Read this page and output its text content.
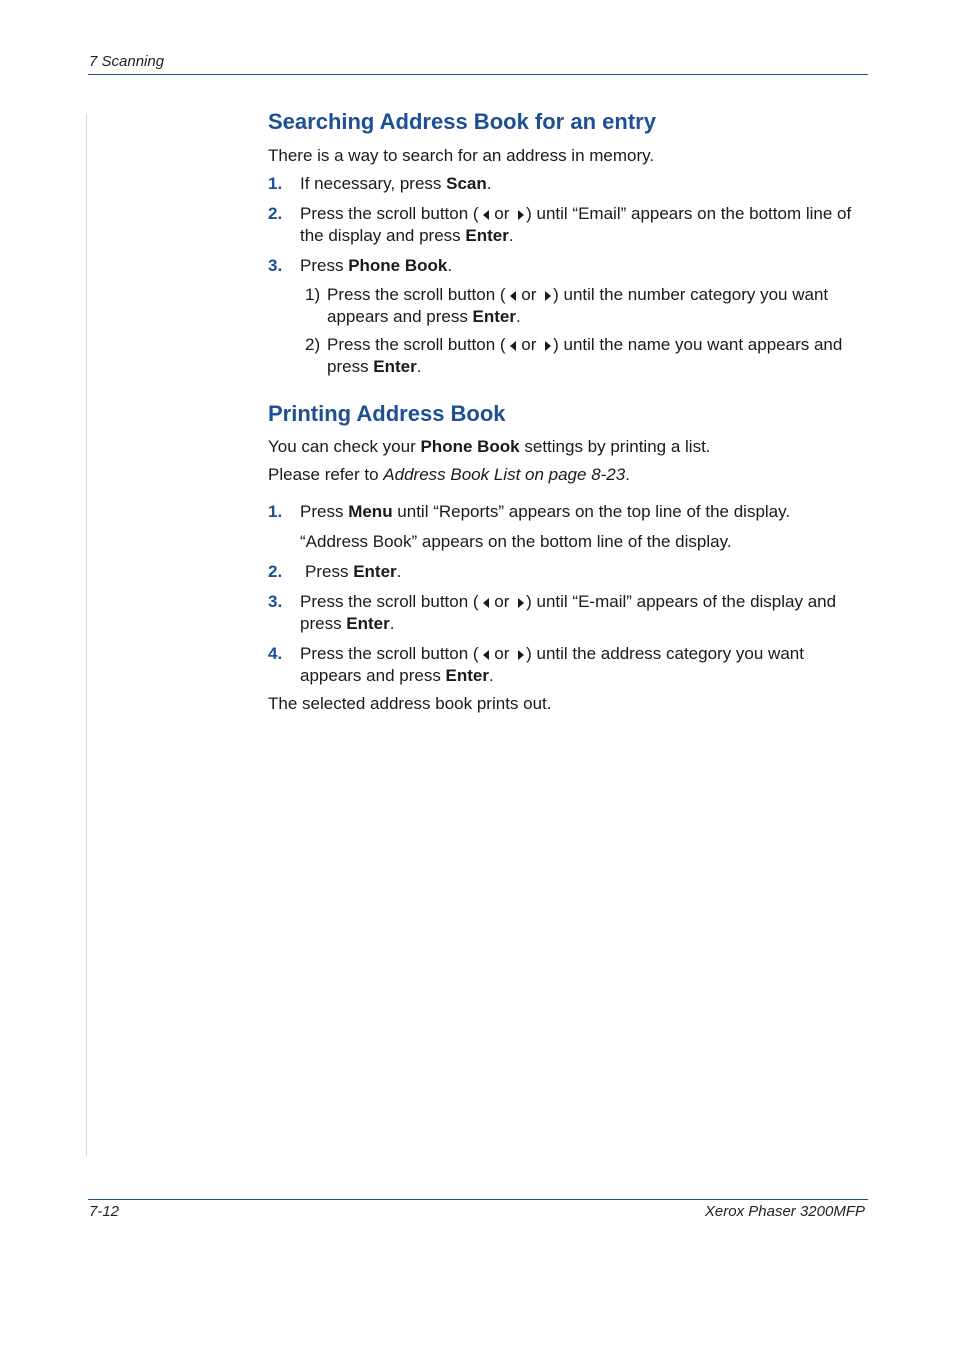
7 Scanning
Searching Address Book for an entry
There is a way to search for an address in memory.
1. If necessary, press Scan.
2. Press the scroll button ( or ) until “Email” appears on the bottom line of the display and press Enter.
3. Press Phone Book.
1) Press the scroll button ( or ) until the number category you want appears and press Enter.
2) Press the scroll button ( or ) until the name you want appears and press Enter.
Printing Address Book
You can check your Phone Book settings by printing a list.
Please refer to Address Book List on page 8-23.
1. Press Menu until “Reports” appears on the top line of the display.
“Address Book” appears on the bottom line of the display.
2. Press Enter.
3. Press the scroll button ( or ) until “E-mail” appears of the display and press Enter.
4. Press the scroll button ( or ) until the address category you want appears and press Enter.
The selected address book prints out.
7-12	Xerox Phaser 3200MFP
